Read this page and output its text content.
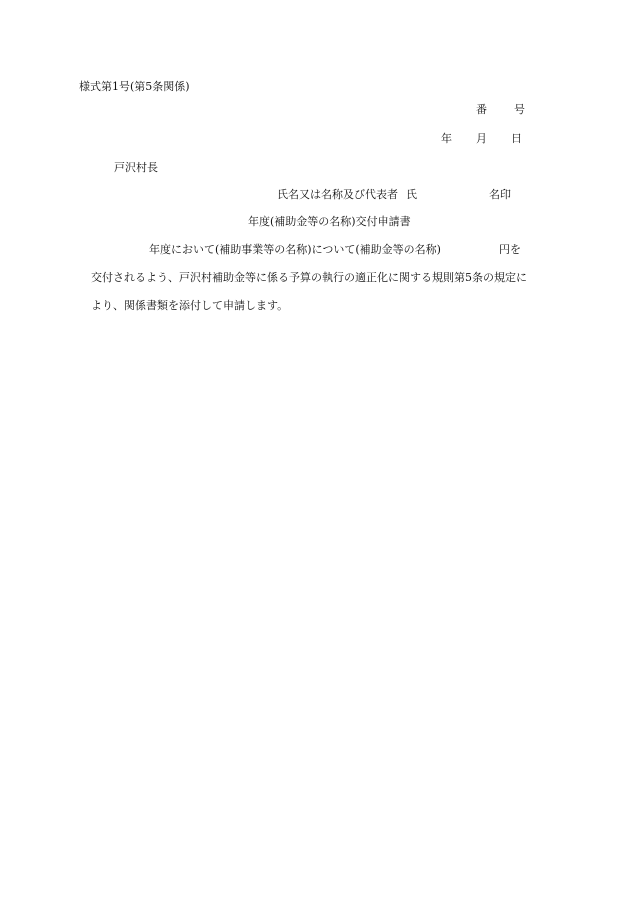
様式第1号(第5条関係)
番 号
年 月 日
戸沢村長
氏名又は名称及び代表者 氏	名印
年度(補助金等の名称)交付申請書
年度において(補助事業等の名称)について(補助金等の名称)	円を
交付されるよう、戸沢村補助金等に係る予算の執行の適正化に関する規則第5条の規定に
より、関係書類を添付して申請します。
